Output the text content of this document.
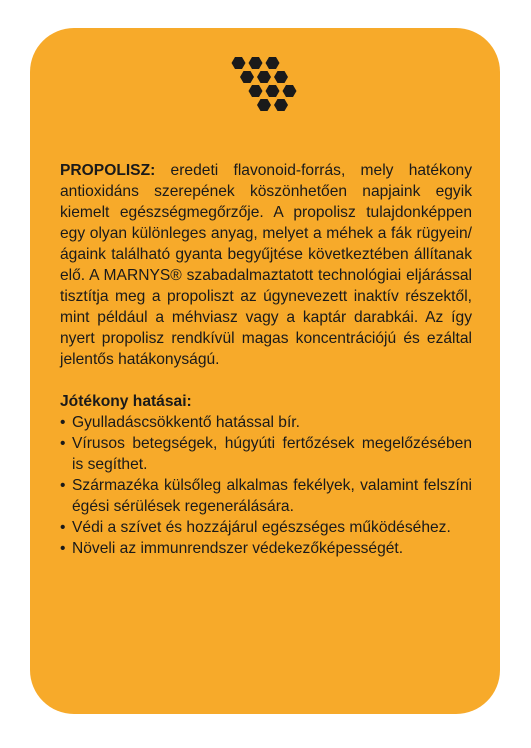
PROPOLISZ: eredeti flavonoid-forrás, mely hatékony antioxidáns szerepének köszönhetően napjaink egyik kiemelt egészségmegőrzője. A propolisz tulajdonképpen egy olyan különleges anyag, melyet a méhek a fák rügyein/ágaink található gyanta begyűjtése következtében állítanak elő. A MARNYS® szabadalmaztatott technológiai eljárással tisztítja meg a propoliszt az úgynevezett inaktív részektől, mint például a méhviasz vagy a kaptár darabkái. Az így nyert propolisz rendkívül magas koncentrációjú és ezáltal jelentős hatákonyságú.

Jótékony hatásai:
• Gyulladáscsökkentő hatással bír.
• Vírusos betegségek, húgyúti fertőzések megelőzésében is segíthet.
• Származéka külsőleg alkalmas fekélyek, valamint felszíni égési sérülések regenerálására.
• Védi a szívet és hozzájárul egészséges működéséhez.
• Növeli az immunrendszer védekezőképességét.
